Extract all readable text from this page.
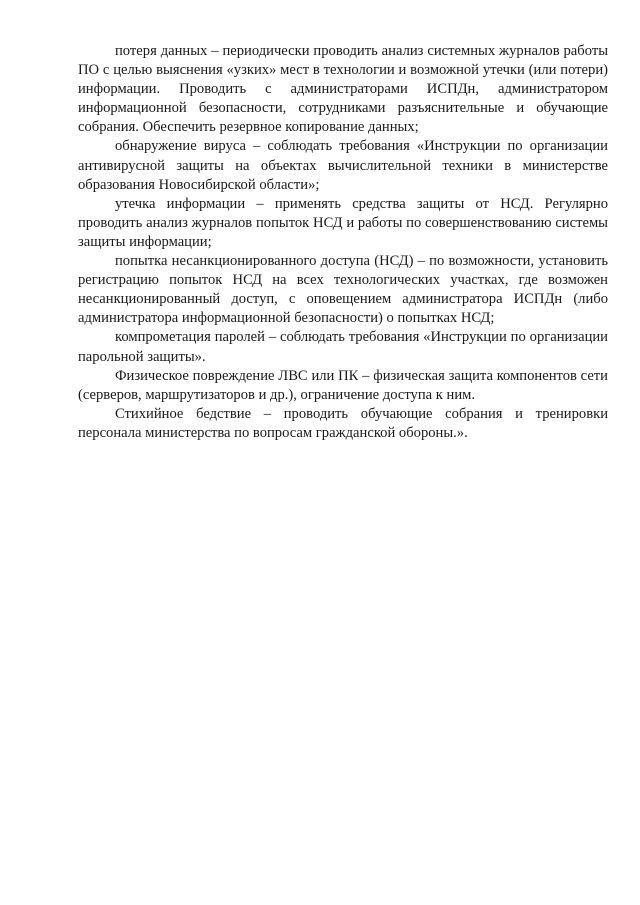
потеря данных – периодически проводить анализ системных журналов работы ПО с целью выяснения «узких» мест в технологии и возможной утечки (или потери) информации. Проводить с администраторами ИСПДн, администратором информационной безопасности, сотрудниками разъяснительные и обучающие собрания. Обеспечить резервное копирование данных;

обнаружение вируса – соблюдать требования «Инструкции по организации антивирусной защиты на объектах вычислительной техники в министерстве образования Новосибирской области»;

утечка информации – применять средства защиты от НСД. Регулярно проводить анализ журналов попыток НСД и работы по совершенствованию системы защиты информации;

попытка несанкционированного доступа (НСД) – по возможности, установить регистрацию попыток НСД на всех технологических участках, где возможен несанкционированный доступ, с оповещением администратора ИСПДн (либо администратора информационной безопасности) о попытках НСД;

компрометация паролей – соблюдать требования «Инструкции по организации парольной защиты».

Физическое повреждение ЛВС или ПК – физическая защита компонентов сети (серверов, маршрутизаторов и др.), ограничение доступа к ним.

Стихийное бедствие – проводить обучающие собрания и тренировки персонала министерства по вопросам гражданской обороны.».
